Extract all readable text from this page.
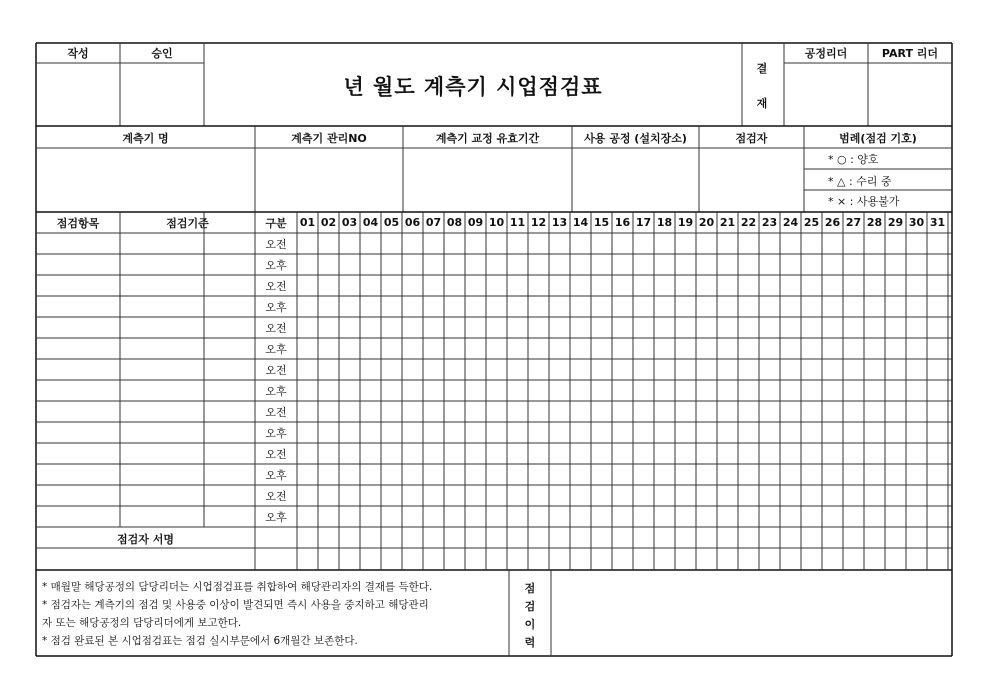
작성	승인
년 월도 계측기 시업점검표
결
재
공정리더	PART 리더
계측기 명	계측기 관리NO	계측기 교정 유효기간	사용 공정 (설치장소)	점검자	범례(점검 기호)
* ○ : 양호
* △ : 수리 중
* × : 사용불가
점검항목	점검기준	구분	01 02 03 04 05 06 07 08 09 10 11 12 13 14 15 16 17 18 19 20 21 22 23 24 25 26 27 28 29 30 31
오전
오후
오전
오후
오전
오후
오전
오후
오전
오후
오전
오후
오전
오후
점검자 서명
* 매월말 해당공정의 담당리더는 시업점검표를 취합하여 해당관리자의 결재를 득한다.
* 점검자는 계측기의 점검 및 사용중 이상이 발견되면 즉시 사용을 중지하고 해당관리
자 또는 해당공정의 담당리더에게 보고한다.
* 점검 완료된 본 시업점검표는 점검 실시부문에서 6개월간 보존한다.
점
검
이
력
